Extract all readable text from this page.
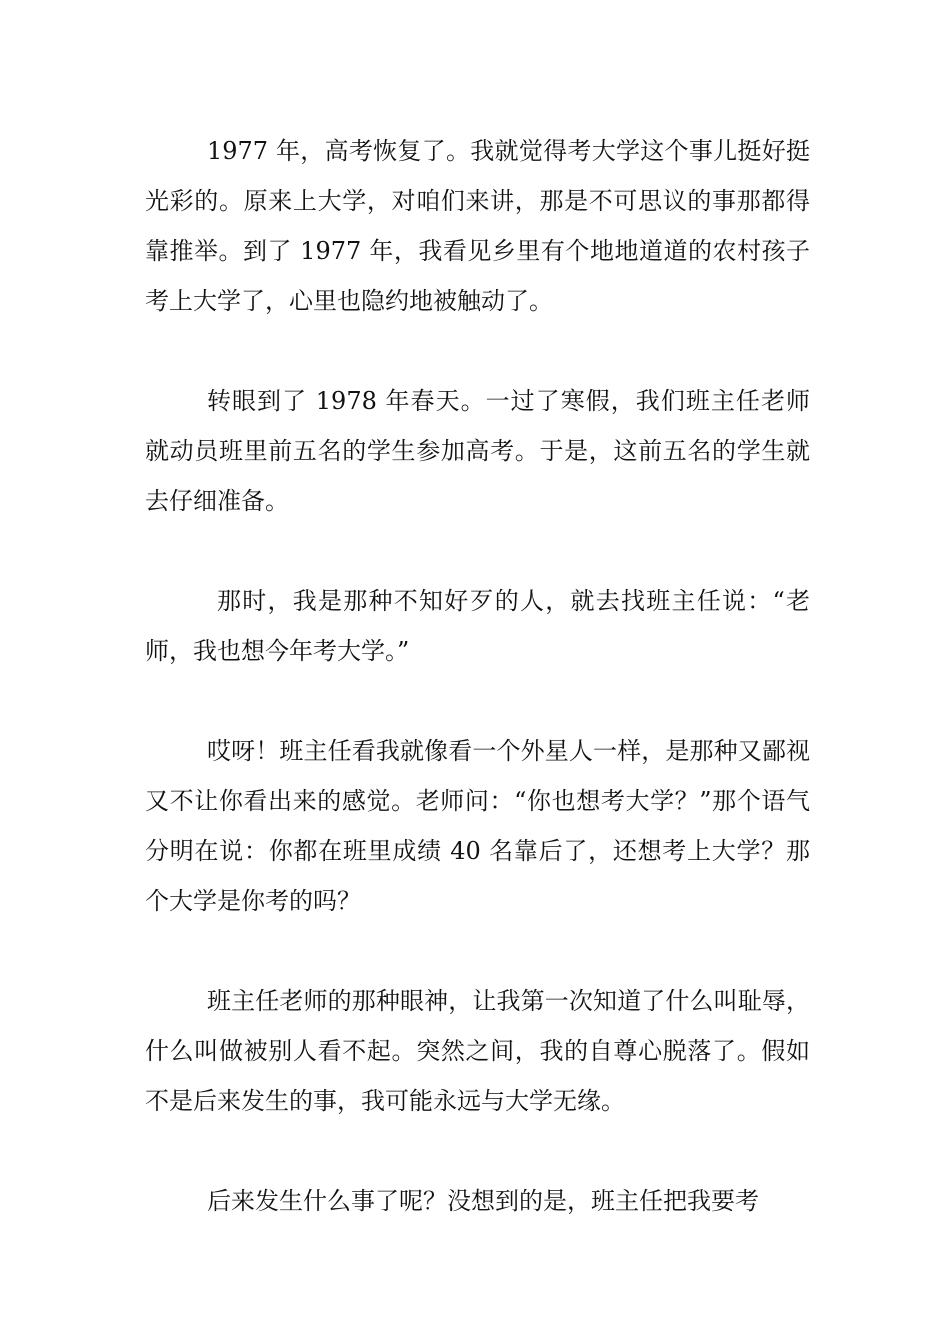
1977 年，高考恢复了。我就觉得考大学这个事儿挺好挺光彩的。原来上大学，对咱们来讲，那是不可思议的事那都得靠推举。到了 1977 年，我看见乡里有个地地道道的农村孩子考上大学了，心里也隐约地被触动了。

转眼到了 1978 年春天。一过了寒假，我们班主任老师就动员班里前五名的学生参加高考。于是，这前五名的学生就去仔细准备。

那时，我是那种不知好歹的人，就去找班主任说：“老师，我也想今年考大学。”

哎呀！班主任看我就像看一个外星人一样，是那种又鄙视又不让你看出来的感觉。老师问：“你也想考大学？”那个语气分明在说：你都在班里成绩 40 名靠后了，还想考上大学？那个大学是你考的吗？

班主任老师的那种眼神，让我第一次知道了什么叫耻辱，什么叫做被别人看不起。突然之间，我的自尊心脱落了。假如不是后来发生的事，我可能永远与大学无缘。

后来发生什么事了呢？没想到的是，班主任把我要考
